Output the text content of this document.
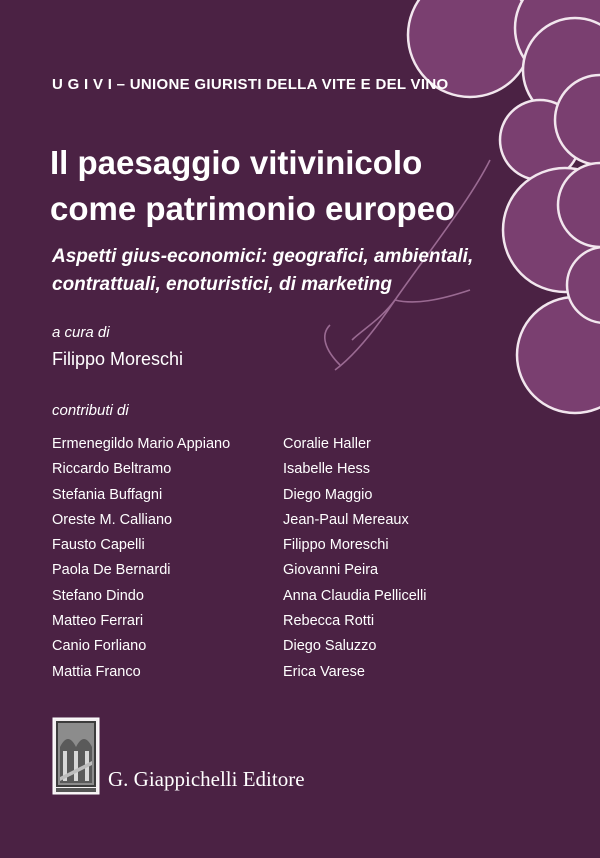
U G I V I – UNIONE GIURISTI DELLA VITE E DEL VINO
Il paesaggio vitivinicolo
come patrimonio europeo
Aspetti gius-economici: geografici, ambientali,
contrattuali, enoturistici, di marketing
a cura di
Filippo Moreschi
contributi di
Ermenegildo Mario Appiano
Riccardo Beltramo
Stefania Buffagni
Oreste M. Calliano
Fausto Capelli
Paola De Bernardi
Stefano Dindo
Matteo Ferrari
Canio Forliano
Mattia Franco
Coralie Haller
Isabelle Hess
Diego Maggio
Jean-Paul Mereaux
Filippo Moreschi
Giovanni Peira
Anna Claudia Pellicelli
Rebecca Rotti
Diego Saluzzo
Erica Varese
G. Giappichelli Editore
